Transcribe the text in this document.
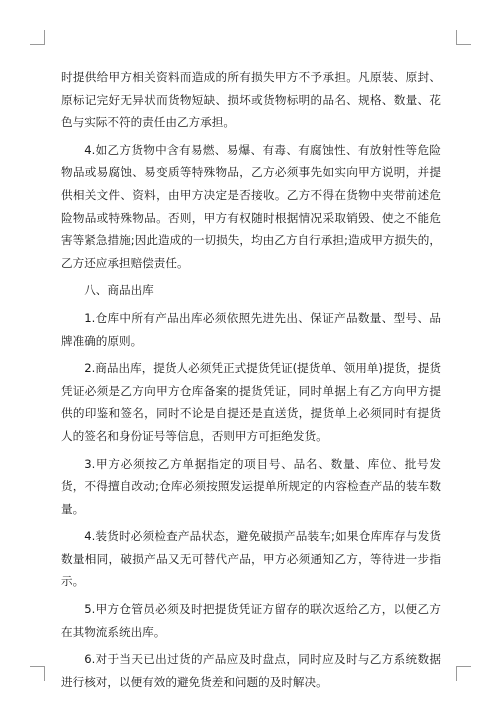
时提供给甲方相关资料而造成的所有损失甲方不予承担。凡原装、原封、原标记完好无异状而货物短缺、损坏或货物标明的品名、规格、数量、花色与实际不符的责任由乙方承担。

4.如乙方货物中含有易燃、易爆、有毒、有腐蚀性、有放射性等危险物品或易腐蚀、易变质等特殊物品，乙方必须事先如实向甲方说明，并提供相关文件、资料，由甲方决定是否接收。乙方不得在货物中夹带前述危险物品或特殊物品。否则，甲方有权随时根据情况采取销毁、使之不能危害等紧急措施;因此造成的一切损失，均由乙方自行承担;造成甲方损失的，乙方还应承担赔偿责任。

八、商品出库

1.仓库中所有产品出库必须依照先进先出、保证产品数量、型号、品牌准确的原则。

2.商品出库，提货人必须凭正式提货凭证(提货单、领用单)提货，提货凭证必须是乙方向甲方仓库备案的提货凭证，同时单据上有乙方向甲方提供的印鉴和签名，同时不论是自提还是直送货，提货单上必须同时有提货人的签名和身份证号等信息，否则甲方可拒绝发货。

3.甲方必须按乙方单据指定的项目号、品名、数量、库位、批号发货，不得擅自改动;仓库必须按照发运提单所规定的内容检查产品的装车数量。

4.装货时必须检查产品状态，避免破损产品装车;如果仓库库存与发货数量相同，破损产品又无可替代产品，甲方必须通知乙方，等待进一步指示。

5.甲方仓管员必须及时把提货凭证方留存的联次返给乙方，以便乙方在其物流系统出库。

6.对于当天已出过货的产品应及时盘点，同时应及时与乙方系统数据进行核对，以便有效的避免货差和问题的及时解决。
